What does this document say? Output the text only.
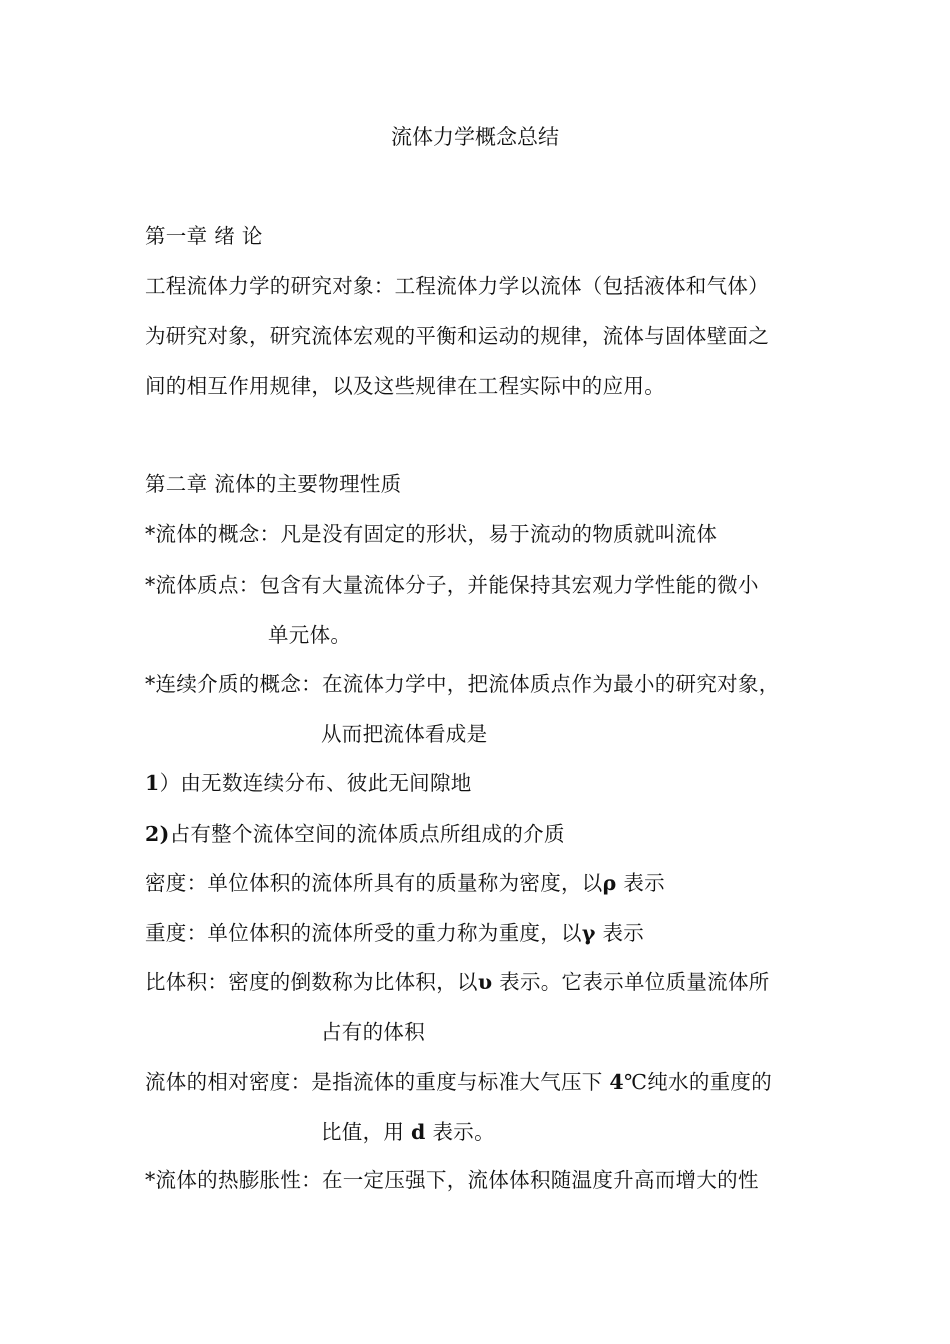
流体力学概念总结
第一章 绪 论
工程流体力学的研究对象：工程流体力学以流体（包括液体和气体）
为研究对象，研究流体宏观的平衡和运动的规律，流体与固体壁面之
间的相互作用规律，以及这些规律在工程实际中的应用。
第二章 流体的主要物理性质
*流体的概念：凡是没有固定的形状，易于流动的物质就叫流体
*流体质点：包含有大量流体分子，并能保持其宏观力学性能的微小
单元体。
*连续介质的概念：在流体力学中，把流体质点作为最小的研究对象，
从而把流体看成是
1）由无数连续分布、彼此无间隙地
2)占有整个流体空间的流体质点所组成的介质
密度：单位体积的流体所具有的质量称为密度，以ρ 表示
重度：单位体积的流体所受的重力称为重度，以γ 表示
比体积：密度的倒数称为比体积，以υ 表示。它表示单位质量流体所
占有的体积
流体的相对密度：是指流体的重度与标准大气压下 4℃纯水的重度的
比值，用 d 表示。
*流体的热膨胀性：在一定压强下，流体体积随温度升高而增大的性
